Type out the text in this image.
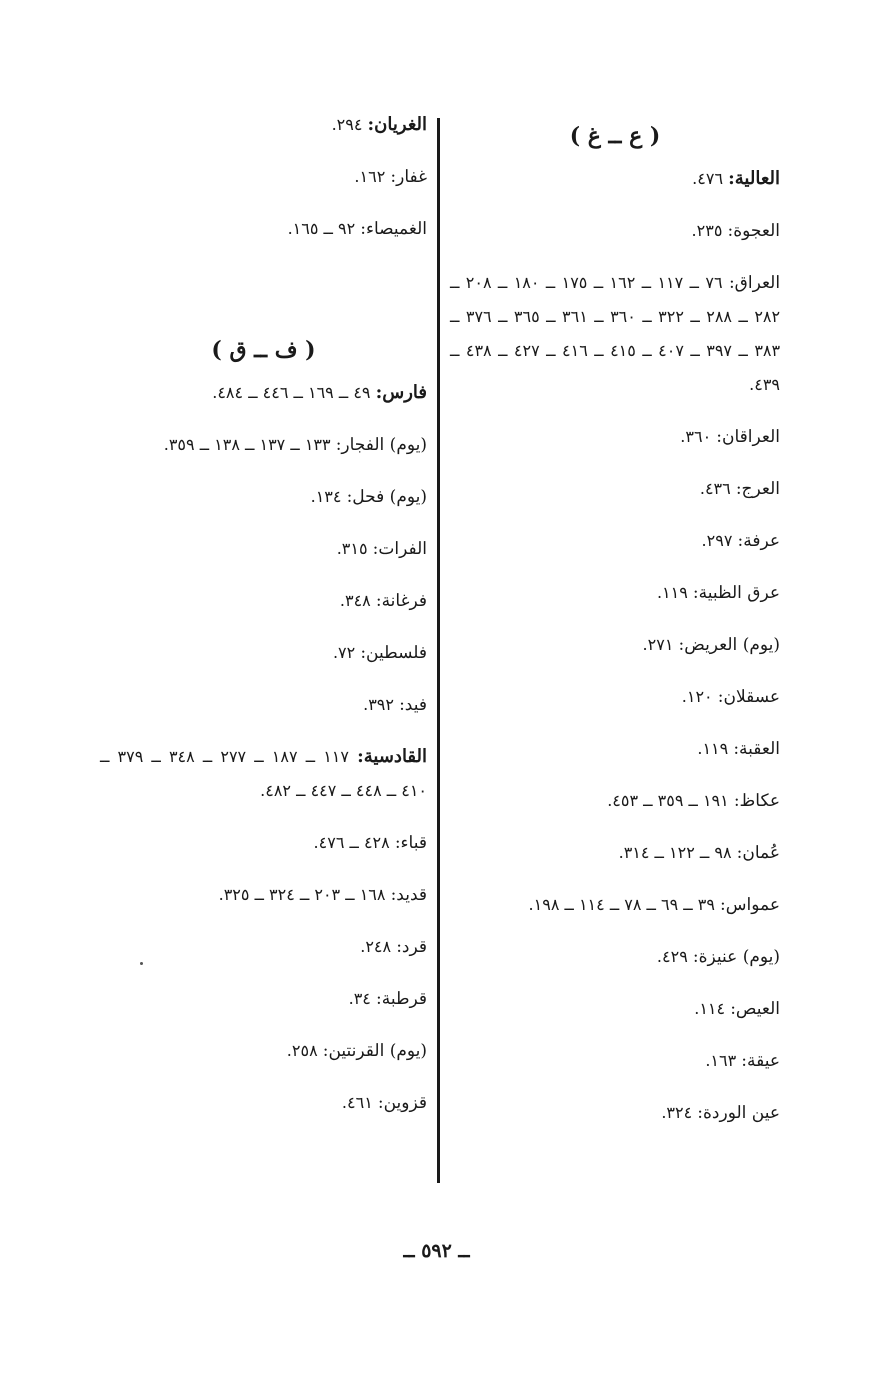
( ع ــ غ )
العالية: ٤٧٦.
العجوة: ٢٣٥.
العراق: ٧٦ ــ ١١٧ ــ ١٦٢ ــ ١٧٥ ــ ١٨٠ ــ ٢٠٨ ــ ٢٨٢ ــ ٢٨٨ ــ ٣٢٢ ــ ٣٦٠ ــ ٣٦١ ــ ٣٦٥ ــ ٣٧٦ ــ ٣٨٣ ــ ٣٩٧ ــ ٤٠٧ ــ ٤١٥ ــ ٤١٦ ــ ٤٢٧ ــ ٤٣٨ ــ ٤٣٩.
العراقان: ٣٦٠.
العرج: ٤٣٦.
عرفة: ٢٩٧.
عرق الظبية: ١١٩.
(يوم) العريض: ٢٧١.
عسقلان: ١٢٠.
العقبة: ١١٩.
عكاظ: ١٩١ ــ ٣٥٩ ــ ٤٥٣.
عُمان: ٩٨ ــ ١٢٢ ــ ٣١٤.
عمواس: ٣٩ ــ ٦٩ ــ ٧٨ ــ ١١٤ ــ ١٩٨.
(يوم) عنيزة: ٤٢٩.
العيص: ١١٤.
عيقة: ١٦٣.
عين الوردة: ٣٢٤.
الغريان: ٢٩٤.
غفار: ١٦٢.
الغميصاء: ٩٢ ــ ١٦٥.
( ف ــ ق )
فارس: ٤٩ ــ ١٦٩ ــ ٤٤٦ ــ ٤٨٤.
(يوم) الفجار: ١٣٣ ــ ١٣٧ ــ ١٣٨ ــ ٣٥٩.
(يوم) فحل: ١٣٤.
الفرات: ٣١٥.
فرغانة: ٣٤٨.
فلسطين: ٧٢.
فيد: ٣٩٢.
القادسية: ١١٧ ــ ١٨٧ ــ ٢٧٧ ــ ٣٤٨ ــ ٣٧٩ ــ ٤١٠ ــ ٤٤٨ ــ ٤٤٧ ــ ٤٨٢.
قباء: ٤٢٨ ــ ٤٧٦.
قديد: ١٦٨ ــ ٢٠٣ ــ ٣٢٤ ــ ٣٢٥.
قرد: ٢٤٨.
قرطبة: ٣٤.
(يوم) القرنتين: ٢٥٨.
قزوين: ٤٦١.
ــ ٥٩٢ ــ
